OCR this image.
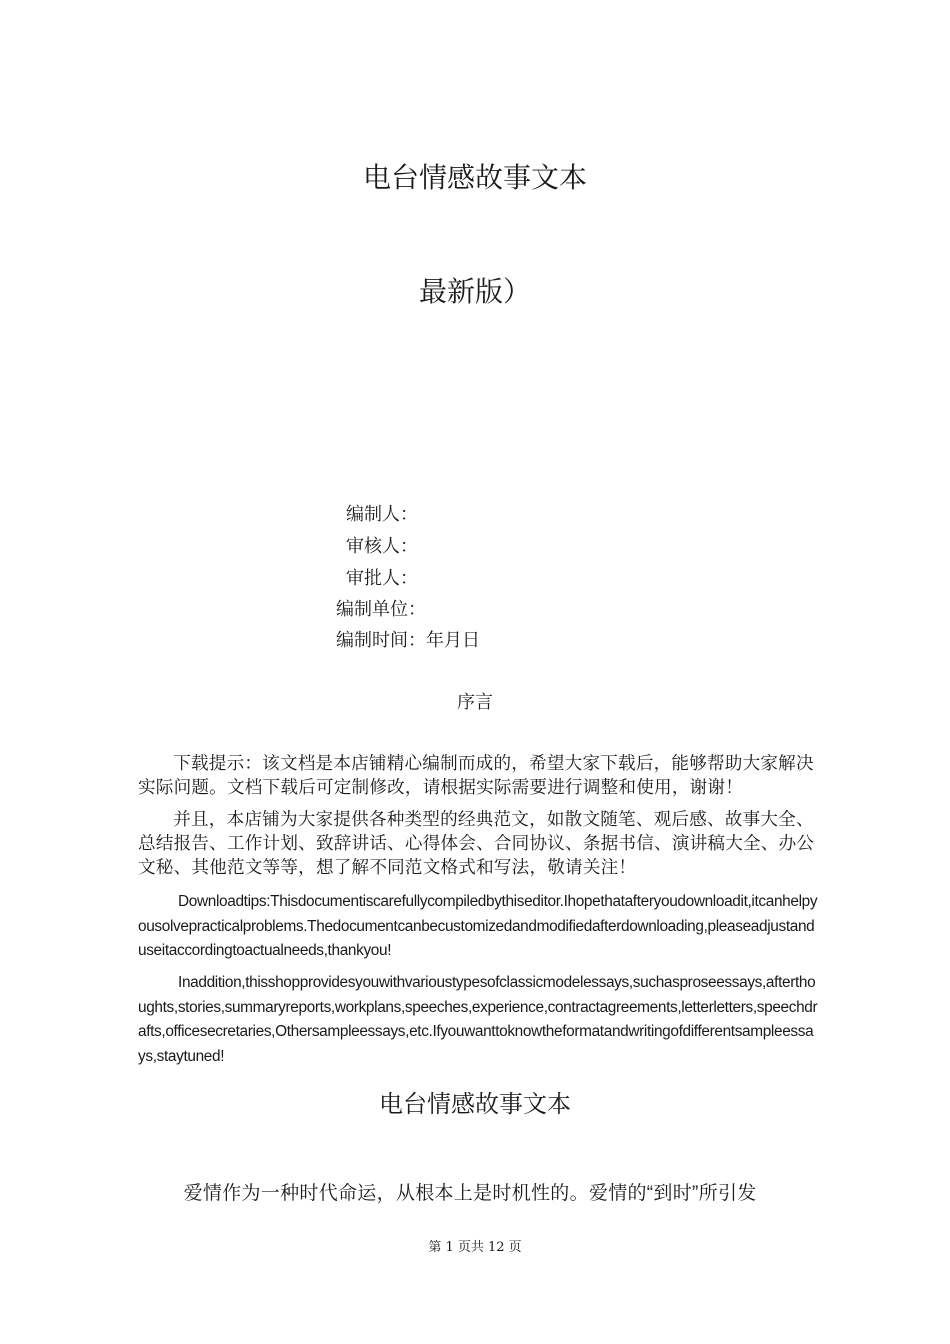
电台情感故事文本
最新版）
编制人：
审核人：
审批人：
编制单位：
编制时间：年月日
序言

下载提示：该文档是本店铺精心编制而成的，希望大家下载后，能够帮助大家解决实际问题。文档下载后可定制修改，请根据实际需要进行调整和使用，谢谢！

并且，本店铺为大家提供各种类型的经典范文，如散文随笔、观后感、故事大全、总结报告、工作计划、致辞讲话、心得体会、合同协议、条据书信、演讲稿大全、办公文秘、其他范文等等，想了解不同范文格式和写法，敬请关注！

Downloadtips:Thisdocumentiscarefullycompiledbythiseditor.Ihopethatafteryoudownloadit,itcanhelpyousolvepracticalproblems.Thedocumentcanbecustomizedandmodifiedafterdownloading,pleaseadjustanduseitaccordingtoactualneeds,thankyou!

Inaddition,thisshopprovidesyouwithvarioustypesofclassicmodelessays,suchasproseessays,afterthoughts,stories,summaryreports,workplans,speeches,experience,contractagreements,letterletters,speechdrafts,officesecretaries,Othersampleessays,etc.Ifyouwanttoknowtheformatandwritingofdifferentsampleessays,staytuned!

电台情感故事文本

爱情作为一种时代命运，从根本上是时机性的。爱情的“到时”所引发

第 1 页共 12 页
